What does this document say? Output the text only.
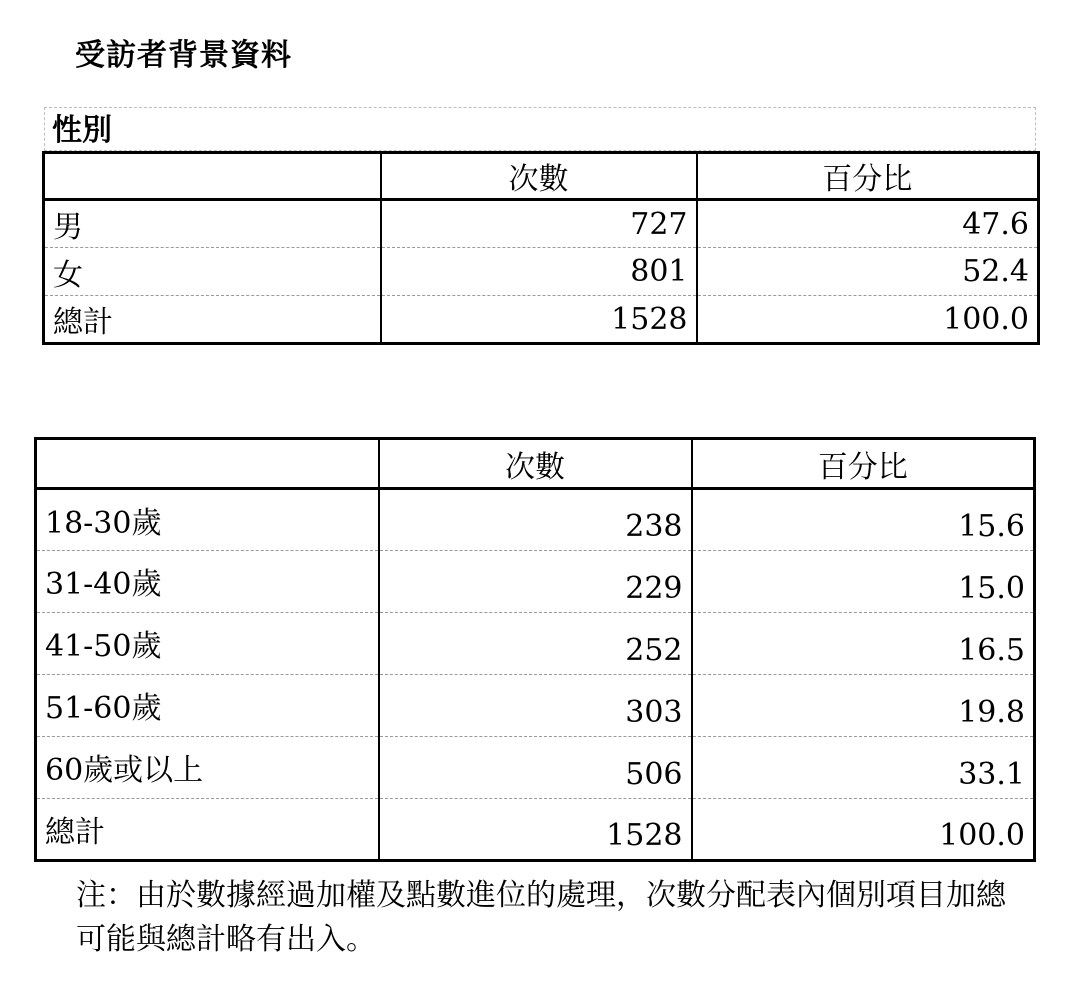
受訪者背景資料
性別
	次數	百分比
男	727	47.6
女	801	52.4
總計	1528	100.0
	次數	百分比
18-30歲	238	15.6
31-40歲	229	15.0
41-50歲	252	16.5
51-60歲	303	19.8
60歲或以上	506	33.1
總計	1528	100.0
注：由於數據經過加權及點數進位的處理，次數分配表內個別項目加總可能與總計略有出入。
